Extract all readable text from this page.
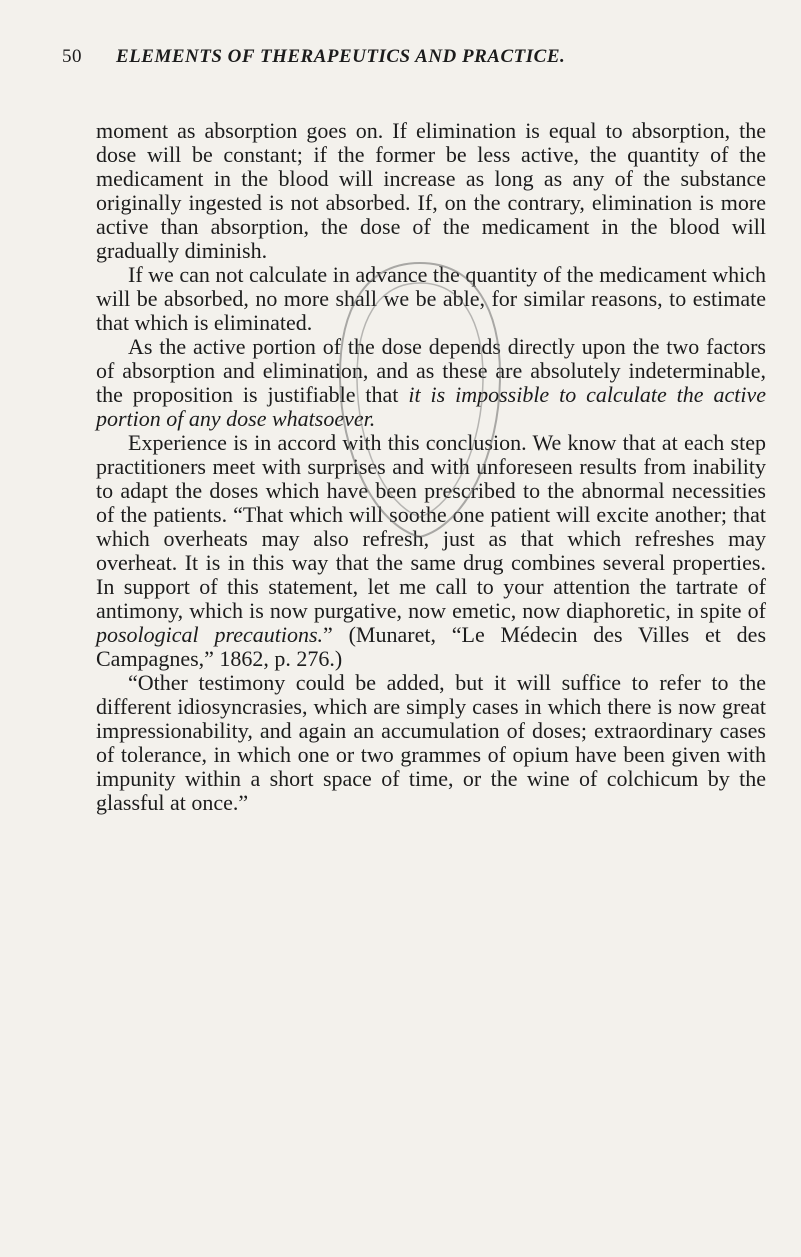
50 ELEMENTS OF THERAPEUTICS AND PRACTICE.

moment as absorption goes on. If elimination is equal to absorption, the dose will be constant; if the former be less active, the quantity of the medicament in the blood will increase as long as any of the substance originally ingested is not absorbed. If, on the contrary, elimination is more active than absorption, the dose of the medicament in the blood will gradually diminish.

If we can not calculate in advance the quantity of the medicament which will be absorbed, no more shall we be able, for similar reasons, to estimate that which is eliminated.

As the active portion of the dose depends directly upon the two factors of absorption and elimination, and as these are absolutely indeterminable, the proposition is justifiable that it is impossible to calculate the active portion of any dose whatsoever.

Experience is in accord with this conclusion. We know that at each step practitioners meet with surprises and with unforeseen results from inability to adapt the doses which have been prescribed to the abnormal necessities of the patients. “That which will soothe one patient will excite another; that which overheats may also refresh, just as that which refreshes may overheat. It is in this way that the same drug combines several properties. In support of this statement, let me call to your attention the tartrate of antimony, which is now purgative, now emetic, now diaphoretic, in spite of posological precautions.” (Munaret, “Le Médecin des Villes et des Campagnes,” 1862, p. 276.)

“Other testimony could be added, but it will suffice to refer to the different idiosyncrasies, which are simply cases in which there is now great impressionability, and again an accumulation of doses; extraordinary cases of tolerance, in which one or two grammes of opium have been given with impunity within a short space of time, or the wine of colchicum by the glassful at once.”
